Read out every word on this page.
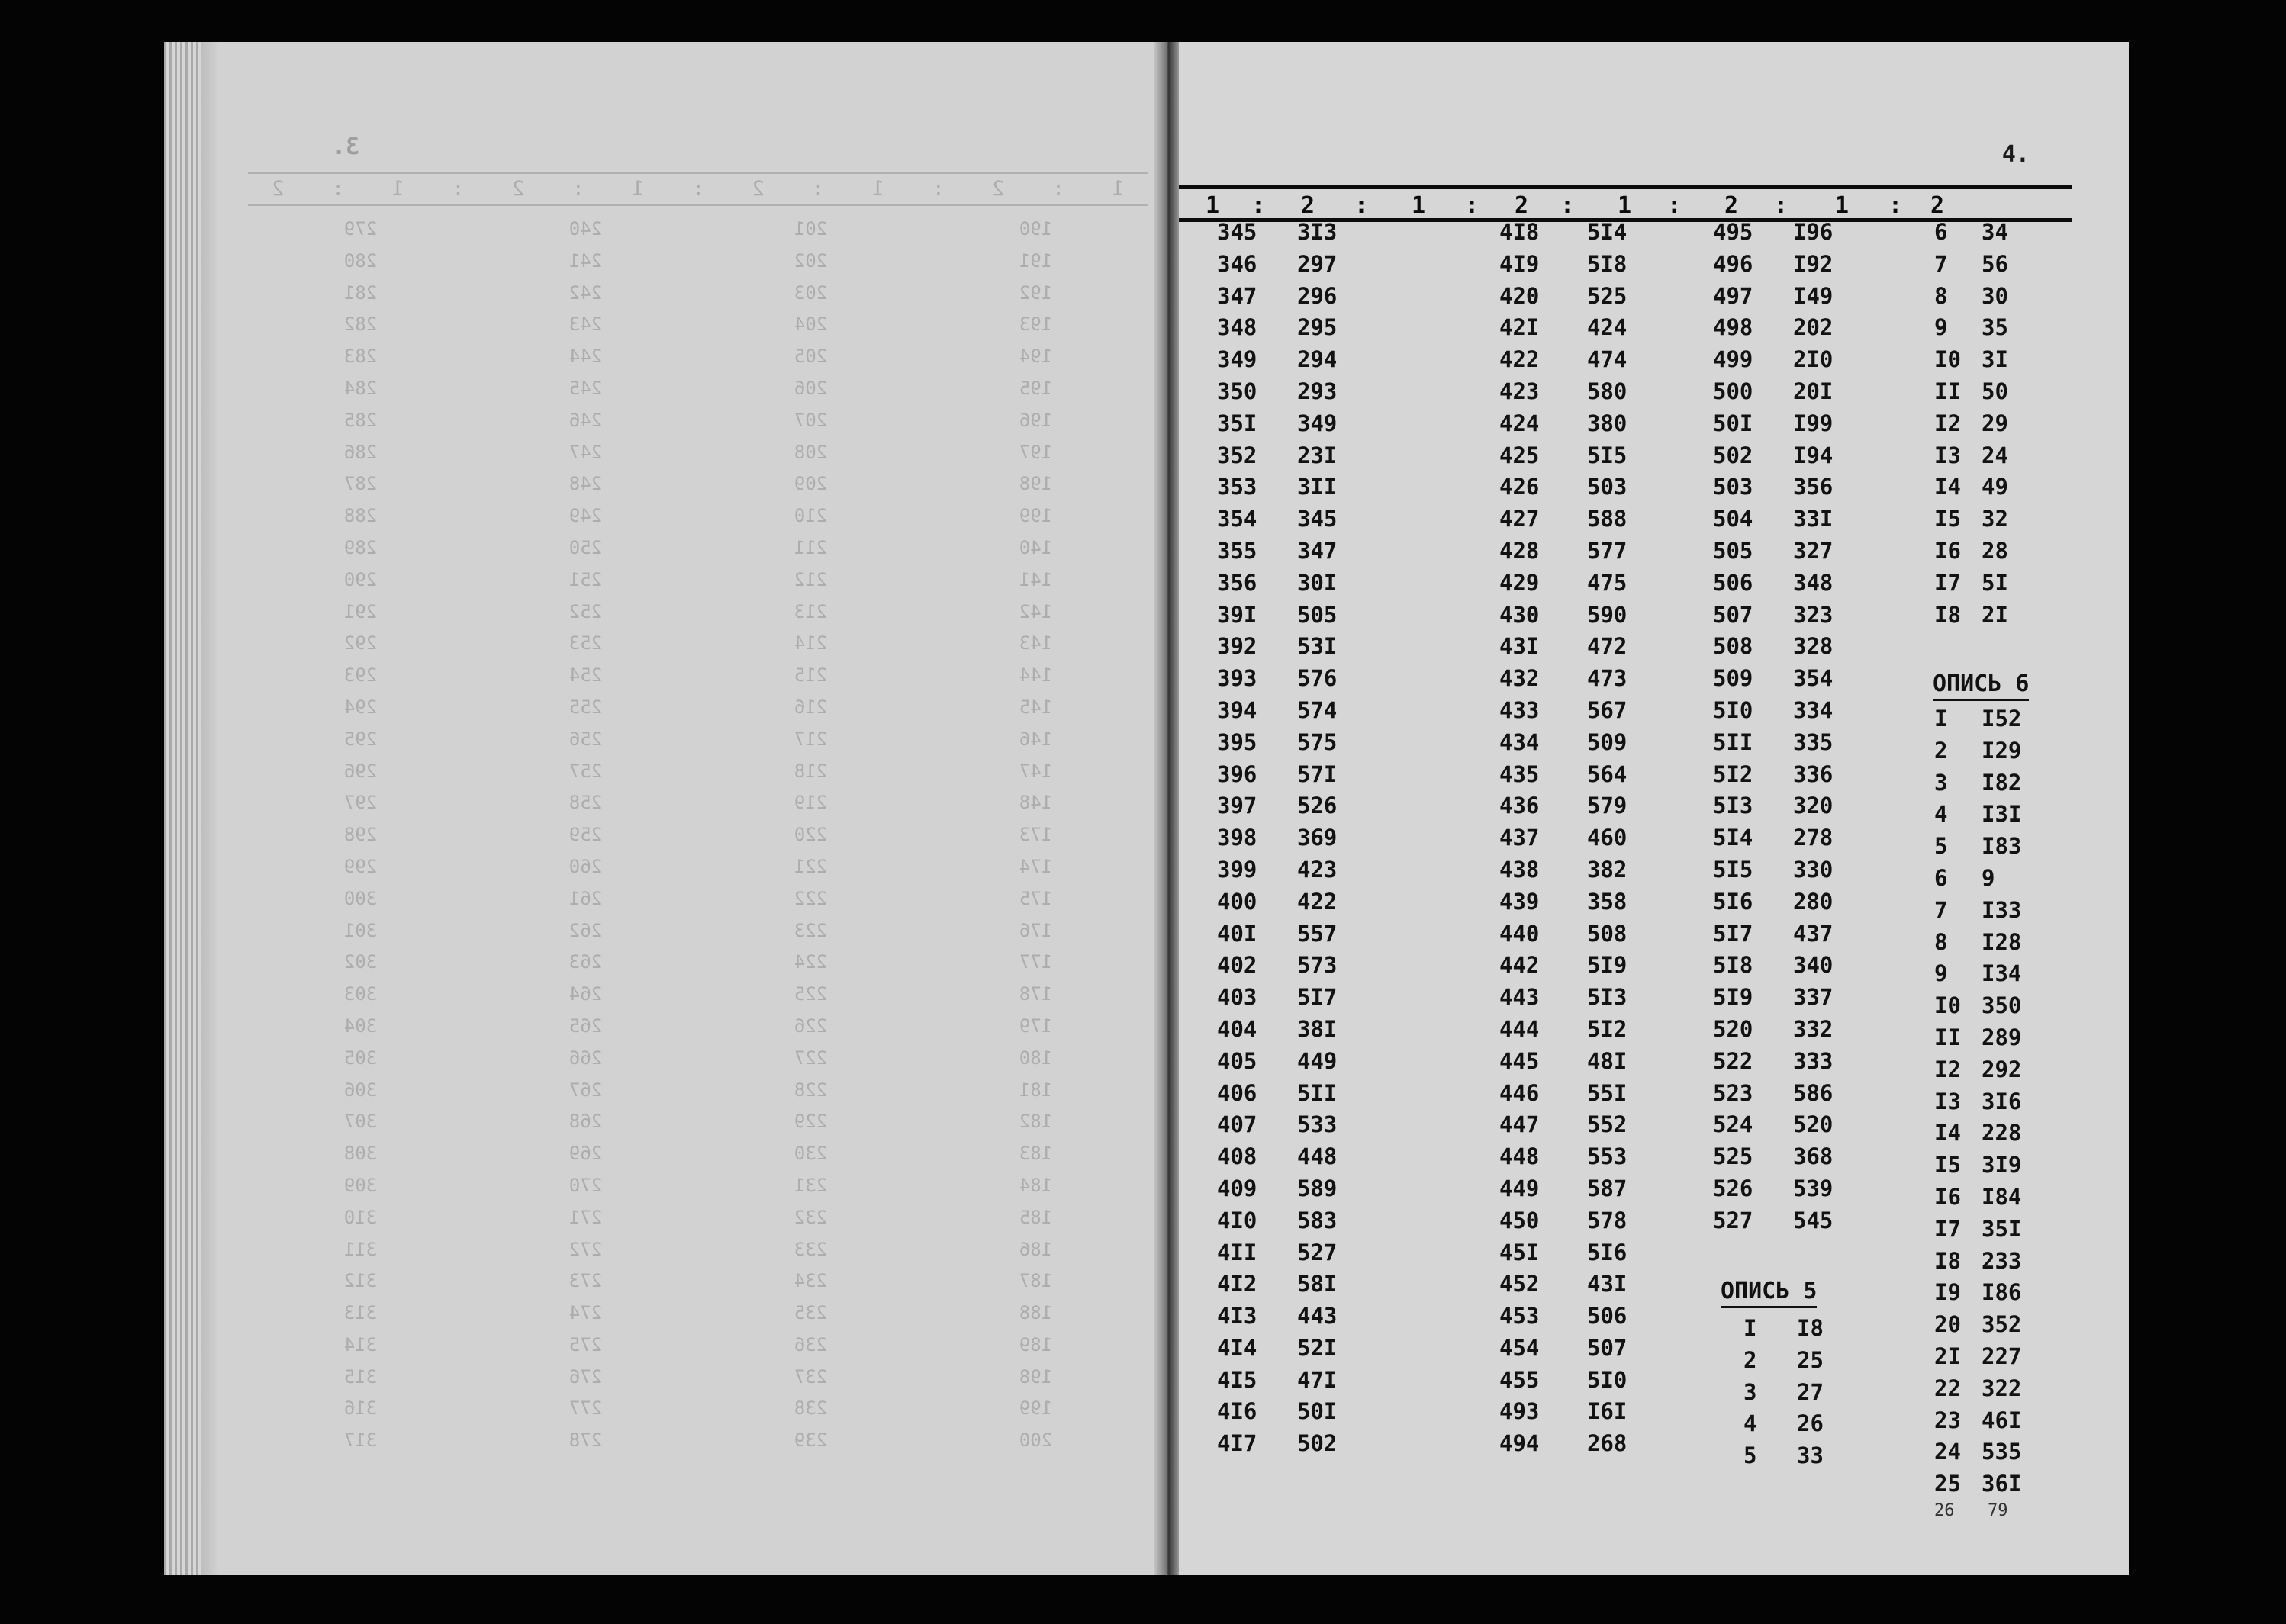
3.
1
:
2
:
1
:
2
:
1
:
2
:
1
:
2
190
191
192
193
194
195
196
197
198
199
140
141
142
143
144
145
146
147
148
173
174
175
176
177
178
179
180
181
182
183
184
185
186
187
188
189
198
199
200
201
202
203
204
205
206
207
208
209
210
211
212
213
214
215
216
217
218
219
220
221
222
223
224
225
226
227
228
229
230
231
232
233
234
235
236
237
238
239
240
241
242
243
244
245
246
247
248
249
250
251
252
253
254
255
256
257
258
259
260
261
262
263
264
265
266
267
268
269
270
271
272
273
274
275
276
277
278
279
280
281
282
283
284
285
286
287
288
289
290
291
292
293
294
295
296
297
298
299
300
301
302
303
304
305
306
307
308
309
310
311
312
313
314
315
316
317
4.
1 : 2 : 1 : 2 : 1 : 2 : 1 : 2
345 3I3
346 297
347 296
348 295
349 294
350 293
35I 349
352 23I
353 3II
354 345
355 347
356 30I
39I 505
392 53I
393 576
394 574
395 575
396 57I
397 526
398 369
399 423
400 422
40I 557
402 573
403 5I7
404 38I
405 449
406 5II
407 533
408 448
409 589
4I0 583
4II 527
4I2 58I
4I3 443
4I4 52I
4I5 47I
4I6 50I
4I7 502
4I8 5I4
4I9 5I8
420 525
42I 424
422 474
423 580
424 380
425 5I5
426 503
427 588
428 577
429 475
430 590
43I 472
432 473
433 567
434 509
435 564
436 579
437 460
438 382
439 358
440 508
442 5I9
443 5I3
444 5I2
445 48I
446 55I
447 552
448 553
449 587
450 578
45I 5I6
452 43I
453 506
454 507
455 5I0
493 I6I
494 268
495 I96
496 I92
497 I49
498 202
499 2I0
500 20I
50I I99
502 I94
503 356
504 33I
505 327
506 348
507 323
508 328
509 354
5I0 334
5II 335
5I2 336
5I3 320
5I4 278
5I5 330
5I6 280
5I7 437
5I8 340
5I9 337
520 332
522 333
523 586
524 520
525 368
526 539
527 545
ОПИСЬ 5
I I8
2 25
3 27
4 26
5 33
6 34
7 56
8 30
9 35
I0 3I
II 50
I2 29
I3 24
I4 49
I5 32
I6 28
I7 5I
I8 2I
ОПИСЬ 6
I I52
2 I29
3 I82
4 I3I
5 I83
6 9
7 I33
8 I28
9 I34
I0 350
II 289
I2 292
I3 3I6
I4 228
I5 3I9
I6 I84
I7 35I
I8 233
I9 I86
20 352
2I 227
22 322
23 46I
24 535
25 36I
26 79
